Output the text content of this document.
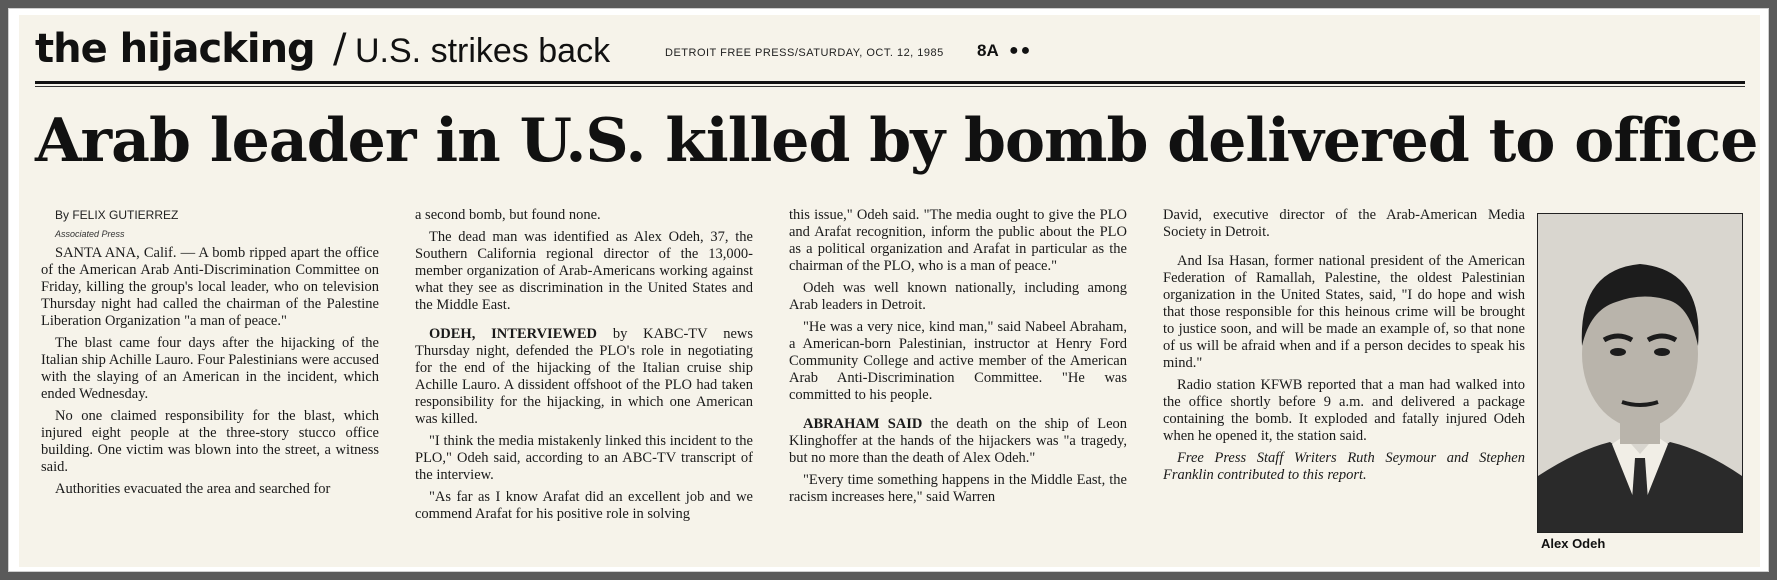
the hijacking / U.S. strikes back	DETROIT FREE PRESS/SATURDAY, OCT. 12, 1985 8A ●●
Arab leader in U.S. killed by bomb delivered to office

By FELIX GUTIERREZ

Associated Press

SANTA ANA, Calif. — A bomb ripped apart the office of the American Arab Anti-Discrimination Committee on Friday, killing the group's local leader, who on television Thursday night had called the chairman of the Palestine Liberation Organization "a man of peace."

The blast came four days after the hijacking of the Italian ship Achille Lauro. Four Palestinians were accused with the slaying of an American in the incident, which ended Wednesday.

No one claimed responsibility for the blast, which injured eight people at the three-story stucco office building. One victim was blown into the street, a witness said.

Authorities evacuated the area and searched for

a second bomb, but found none.

The dead man was identified as Alex Odeh, 37, the Southern California regional director of the 13,000-member organization of Arab-Americans working against what they see as discrimination in the United States and the Middle East.

ODEH, INTERVIEWED by KABC-TV news Thursday night, defended the PLO's role in negotiating for the end of the hijacking of the Italian cruise ship Achille Lauro. A dissident offshoot of the PLO had taken responsibility for the hijacking, in which one American was killed.

"I think the media mistakenly linked this incident to the PLO," Odeh said, according to an ABC-TV transcript of the interview.

"As far as I know Arafat did an excellent job and we commend Arafat for his positive role in solving

this issue," Odeh said. "The media ought to give the PLO and Arafat recognition, inform the public about the PLO as a political organization and Arafat in particular as the chairman of the PLO, who is a man of peace."

Odeh was well known nationally, including among Arab leaders in Detroit.

"He was a very nice, kind man," said Nabeel Abraham, a American-born Palestinian, instructor at Henry Ford Community College and active member of the American Arab Anti-Discrimination Committee. "He was committed to his people.

ABRAHAM SAID the death on the ship of Leon Klinghoffer at the hands of the hijackers was "a tragedy, but no more than the death of Alex Odeh."

"Every time something happens in the Middle East, the racism increases here," said Warren

David, executive director of the Arab-American Media Society in Detroit.

And Isa Hasan, former national president of the American Federation of Ramallah, Palestine, the oldest Palestinian organization in the United States, said, "I do hope and wish that those responsible for this heinous crime will be brought to justice soon, and will be made an example of, so that none of us will be afraid when and if a person decides to speak his mind."

Radio station KFWB reported that a man had walked into the office shortly before 9 a.m. and delivered a package containing the bomb. It exploded and fatally injured Odeh when he opened it, the station said.

Free Press Staff Writers Ruth Seymour and Stephen Franklin contributed to this report.

Alex Odeh
